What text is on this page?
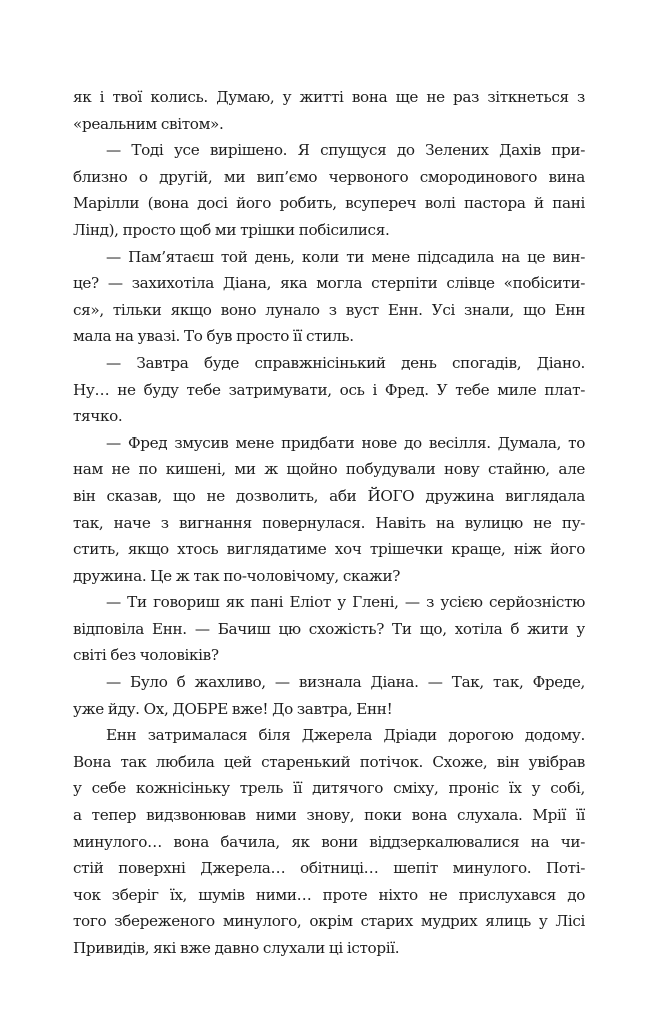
як і твої колись. Думаю, у житті вона ще не раз зіткнеться з
«реальним світом».
— Тоді усе вирішено. Я спущуся до Зелених Дахів при-
близно о другій, ми вип’ємо червоного смородинового вина
Марілли (вона досі його робить, всупереч волі пастора й пані
Лінд), просто щоб ми трішки побісилися.
— Пам’ятаєш той день, коли ти мене підсадила на це вин-
це? — захихотіла Діана, яка могла стерпіти слівце «побісити-
ся», тільки якщо воно лунало з вуст Енн. Усі знали, що Енн
мала на увазі. То був просто її стиль.
— Завтра буде справжнісінький день спогадів, Діано.
Ну… не буду тебе затримувати, ось і Фред. У тебе миле плат-
тячко.
— Фред змусив мене придбати нове до весілля. Думала, то
нам не по кишені, ми ж щойно побудували нову стайню, але
він сказав, що не дозволить, аби ЙОГО дружина виглядала
так, наче з вигнання повернулася. Навіть на вулицю не пу-
стить, якщо хтось виглядатиме хоч трішечки краще, ніж його
дружина. Це ж так по-чоловічому, скажи?
— Ти говориш як пані Еліот у Глені, — з усією серйозністю
відповіла Енн. — Бачиш цю схожість? Ти що, хотіла б жити у
світі без чоловіків?
— Було б жахливо, — визнала Діана. — Так, так, Фреде,
уже йду. Ох, ДОБРЕ вже! До завтра, Енн!
Енн затрималася біля Джерела Дріади дорогою додому.
Вона так любила цей старенький потічок. Схоже, він увібрав
у себе кожнісіньку трель її дитячого сміху, проніс їх у собі,
а тепер видзвонював ними знову, поки вона слухала. Мрії її
минулого… вона бачила, як вони віддзеркалювалися на чи-
стій поверхні Джерела… обітниці… шепіт минулого. Поті-
чок зберіг їх, шумів ними… проте ніхто не прислухався до
того збереженого минулого, окрім старих мудрих ялиць у Лісі
Привидів, які вже давно слухали ці історії.
